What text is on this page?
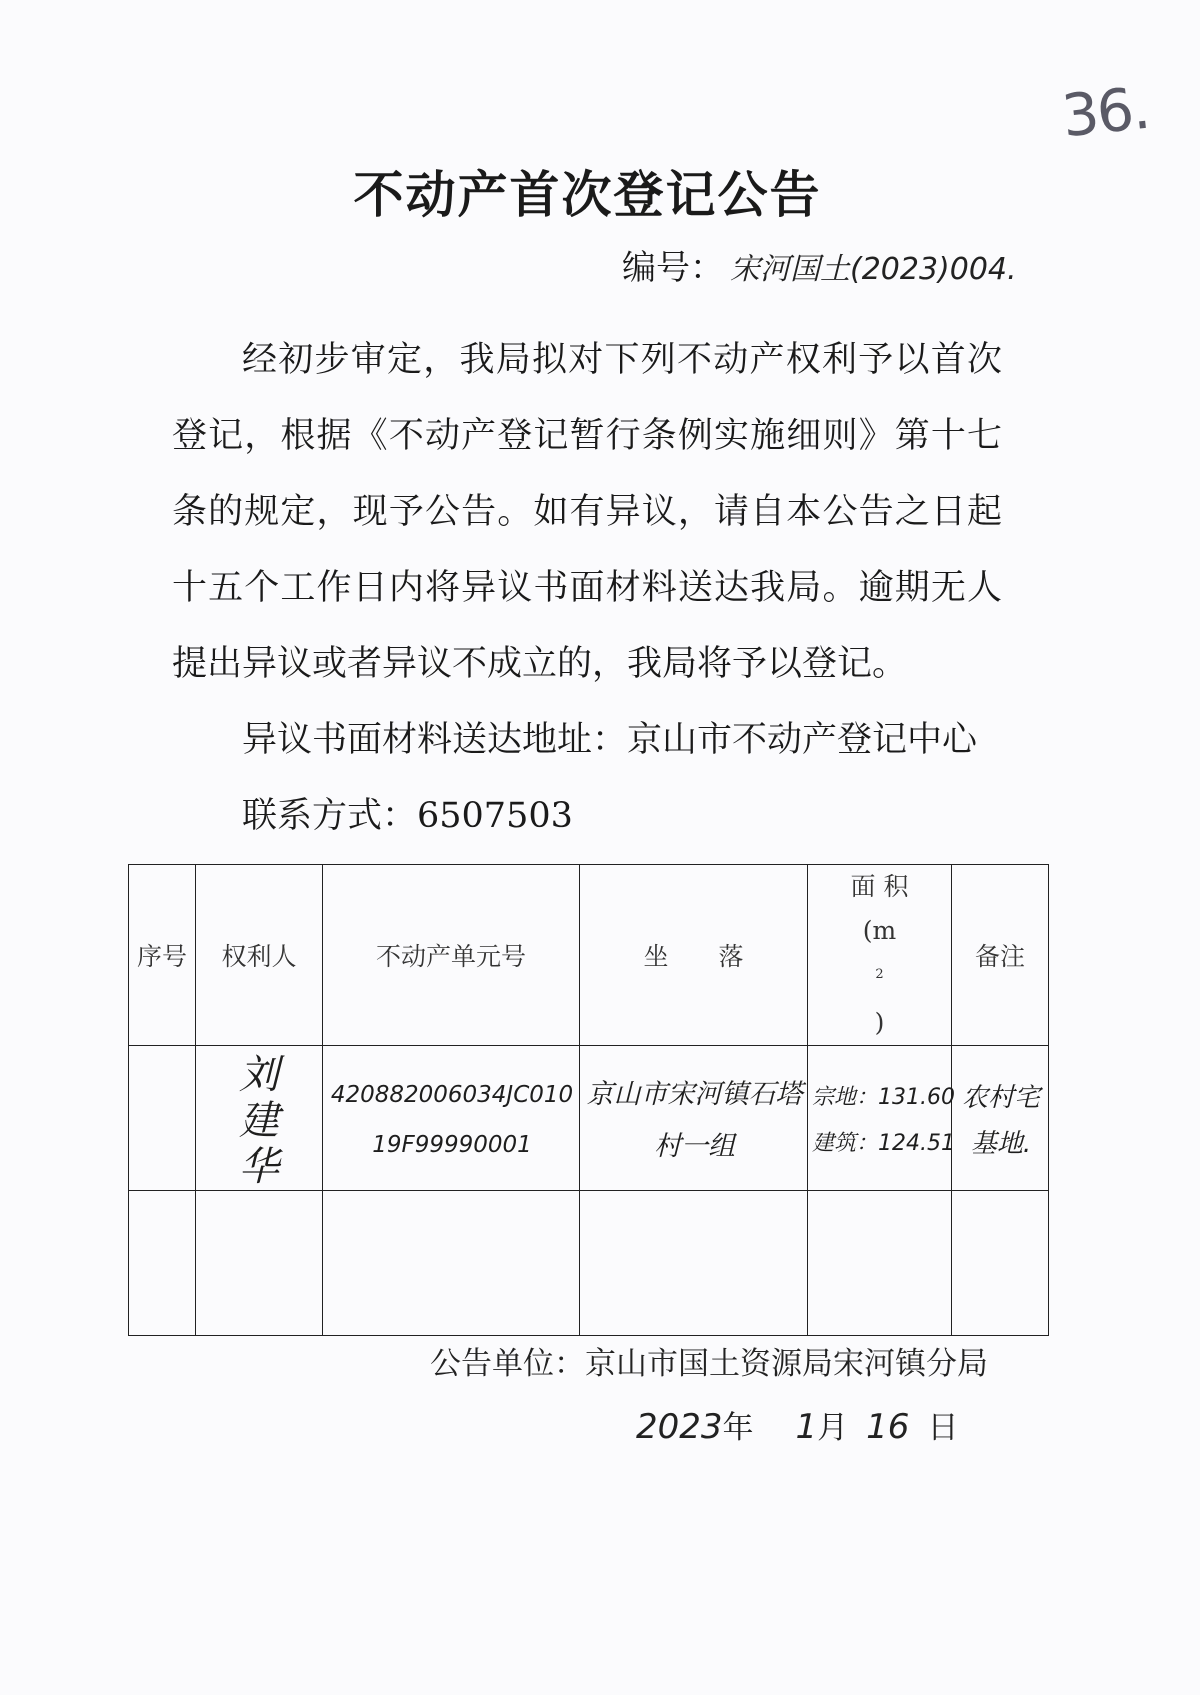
36.
不动产首次登记公告
编号： 宋河国土(2023)004.

经初步审定，我局拟对下列不动产权利予以首次登记，根据《不动产登记暂行条例实施细则》第十七条的规定，现予公告。如有异议，请自本公告之日起十五个工作日内将异议书面材料送达我局。逾期无人提出异议或者异议不成立的，我局将予以登记。

异议书面材料送达地址：京山市不动产登记中心
联系方式：6507503
序号	权利人	不动产单元号	坐　　落	面 积
(m
$^2$
)	备注

	刘建华	420882006034JC01019F99990001	京山市宋河镇石塔村一组	宗地：131.60
建筑：124.51	农村宅基地.

公告单位：京山市国土资源局宋河镇分局
2023年 1月 16 日
